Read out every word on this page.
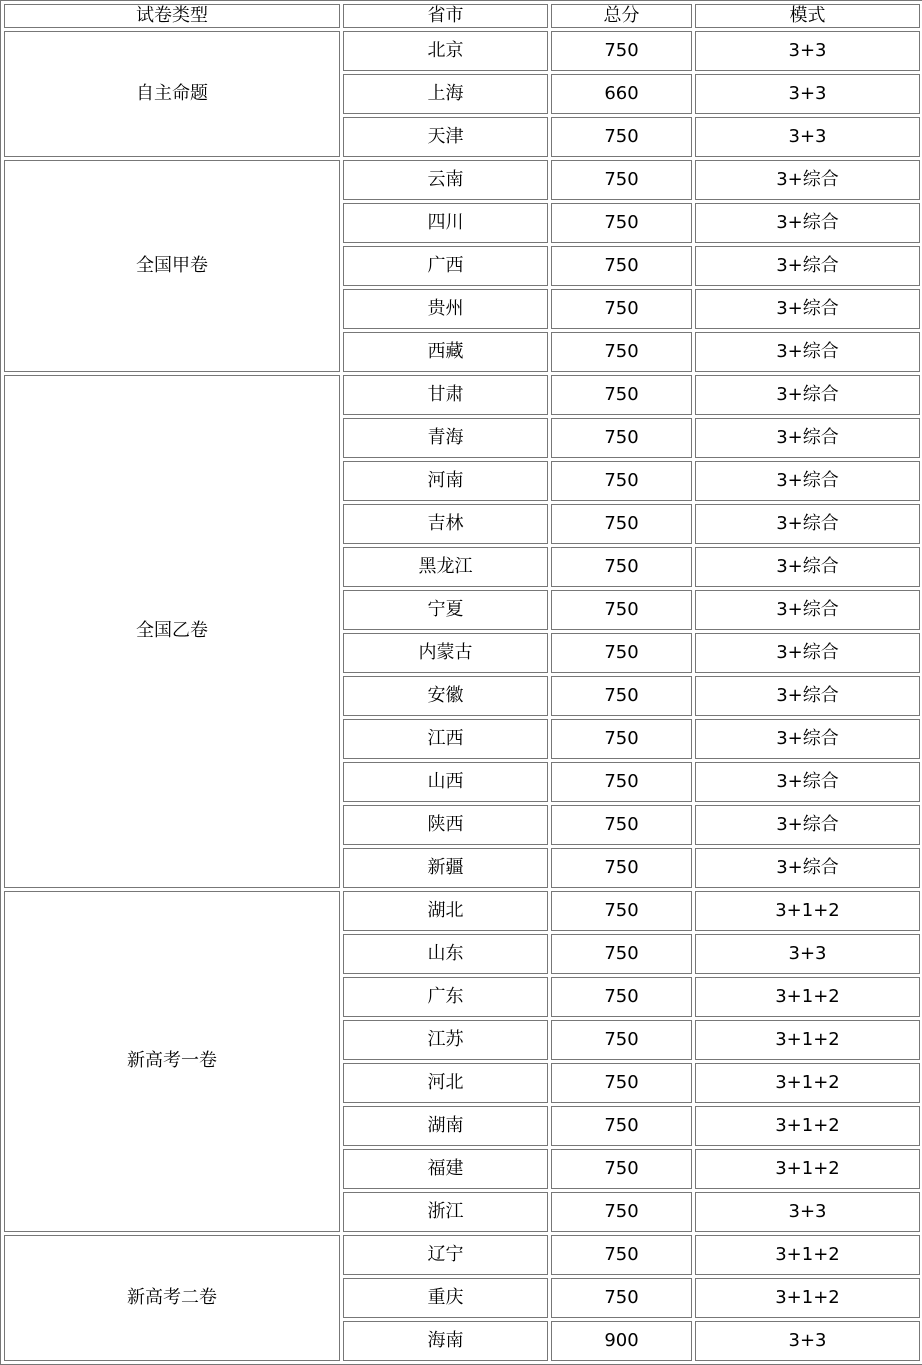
试卷类型	省市	总分	模式
自主命题	北京	750	3+3
	上海	660	3+3
	天津	750	3+3
全国甲卷	云南	750	3+综合
	四川	750	3+综合
	广西	750	3+综合
	贵州	750	3+综合
	西藏	750	3+综合
全国乙卷	甘肃	750	3+综合
	青海	750	3+综合
	河南	750	3+综合
	吉林	750	3+综合
	黑龙江	750	3+综合
	宁夏	750	3+综合
	内蒙古	750	3+综合
	安徽	750	3+综合
	江西	750	3+综合
	山西	750	3+综合
	陕西	750	3+综合
	新疆	750	3+综合
新高考一卷	湖北	750	3+1+2
	山东	750	3+3
	广东	750	3+1+2
	江苏	750	3+1+2
	河北	750	3+1+2
	湖南	750	3+1+2
	福建	750	3+1+2
	浙江	750	3+3
新高考二卷	辽宁	750	3+1+2
	重庆	750	3+1+2
	海南	900	3+3
